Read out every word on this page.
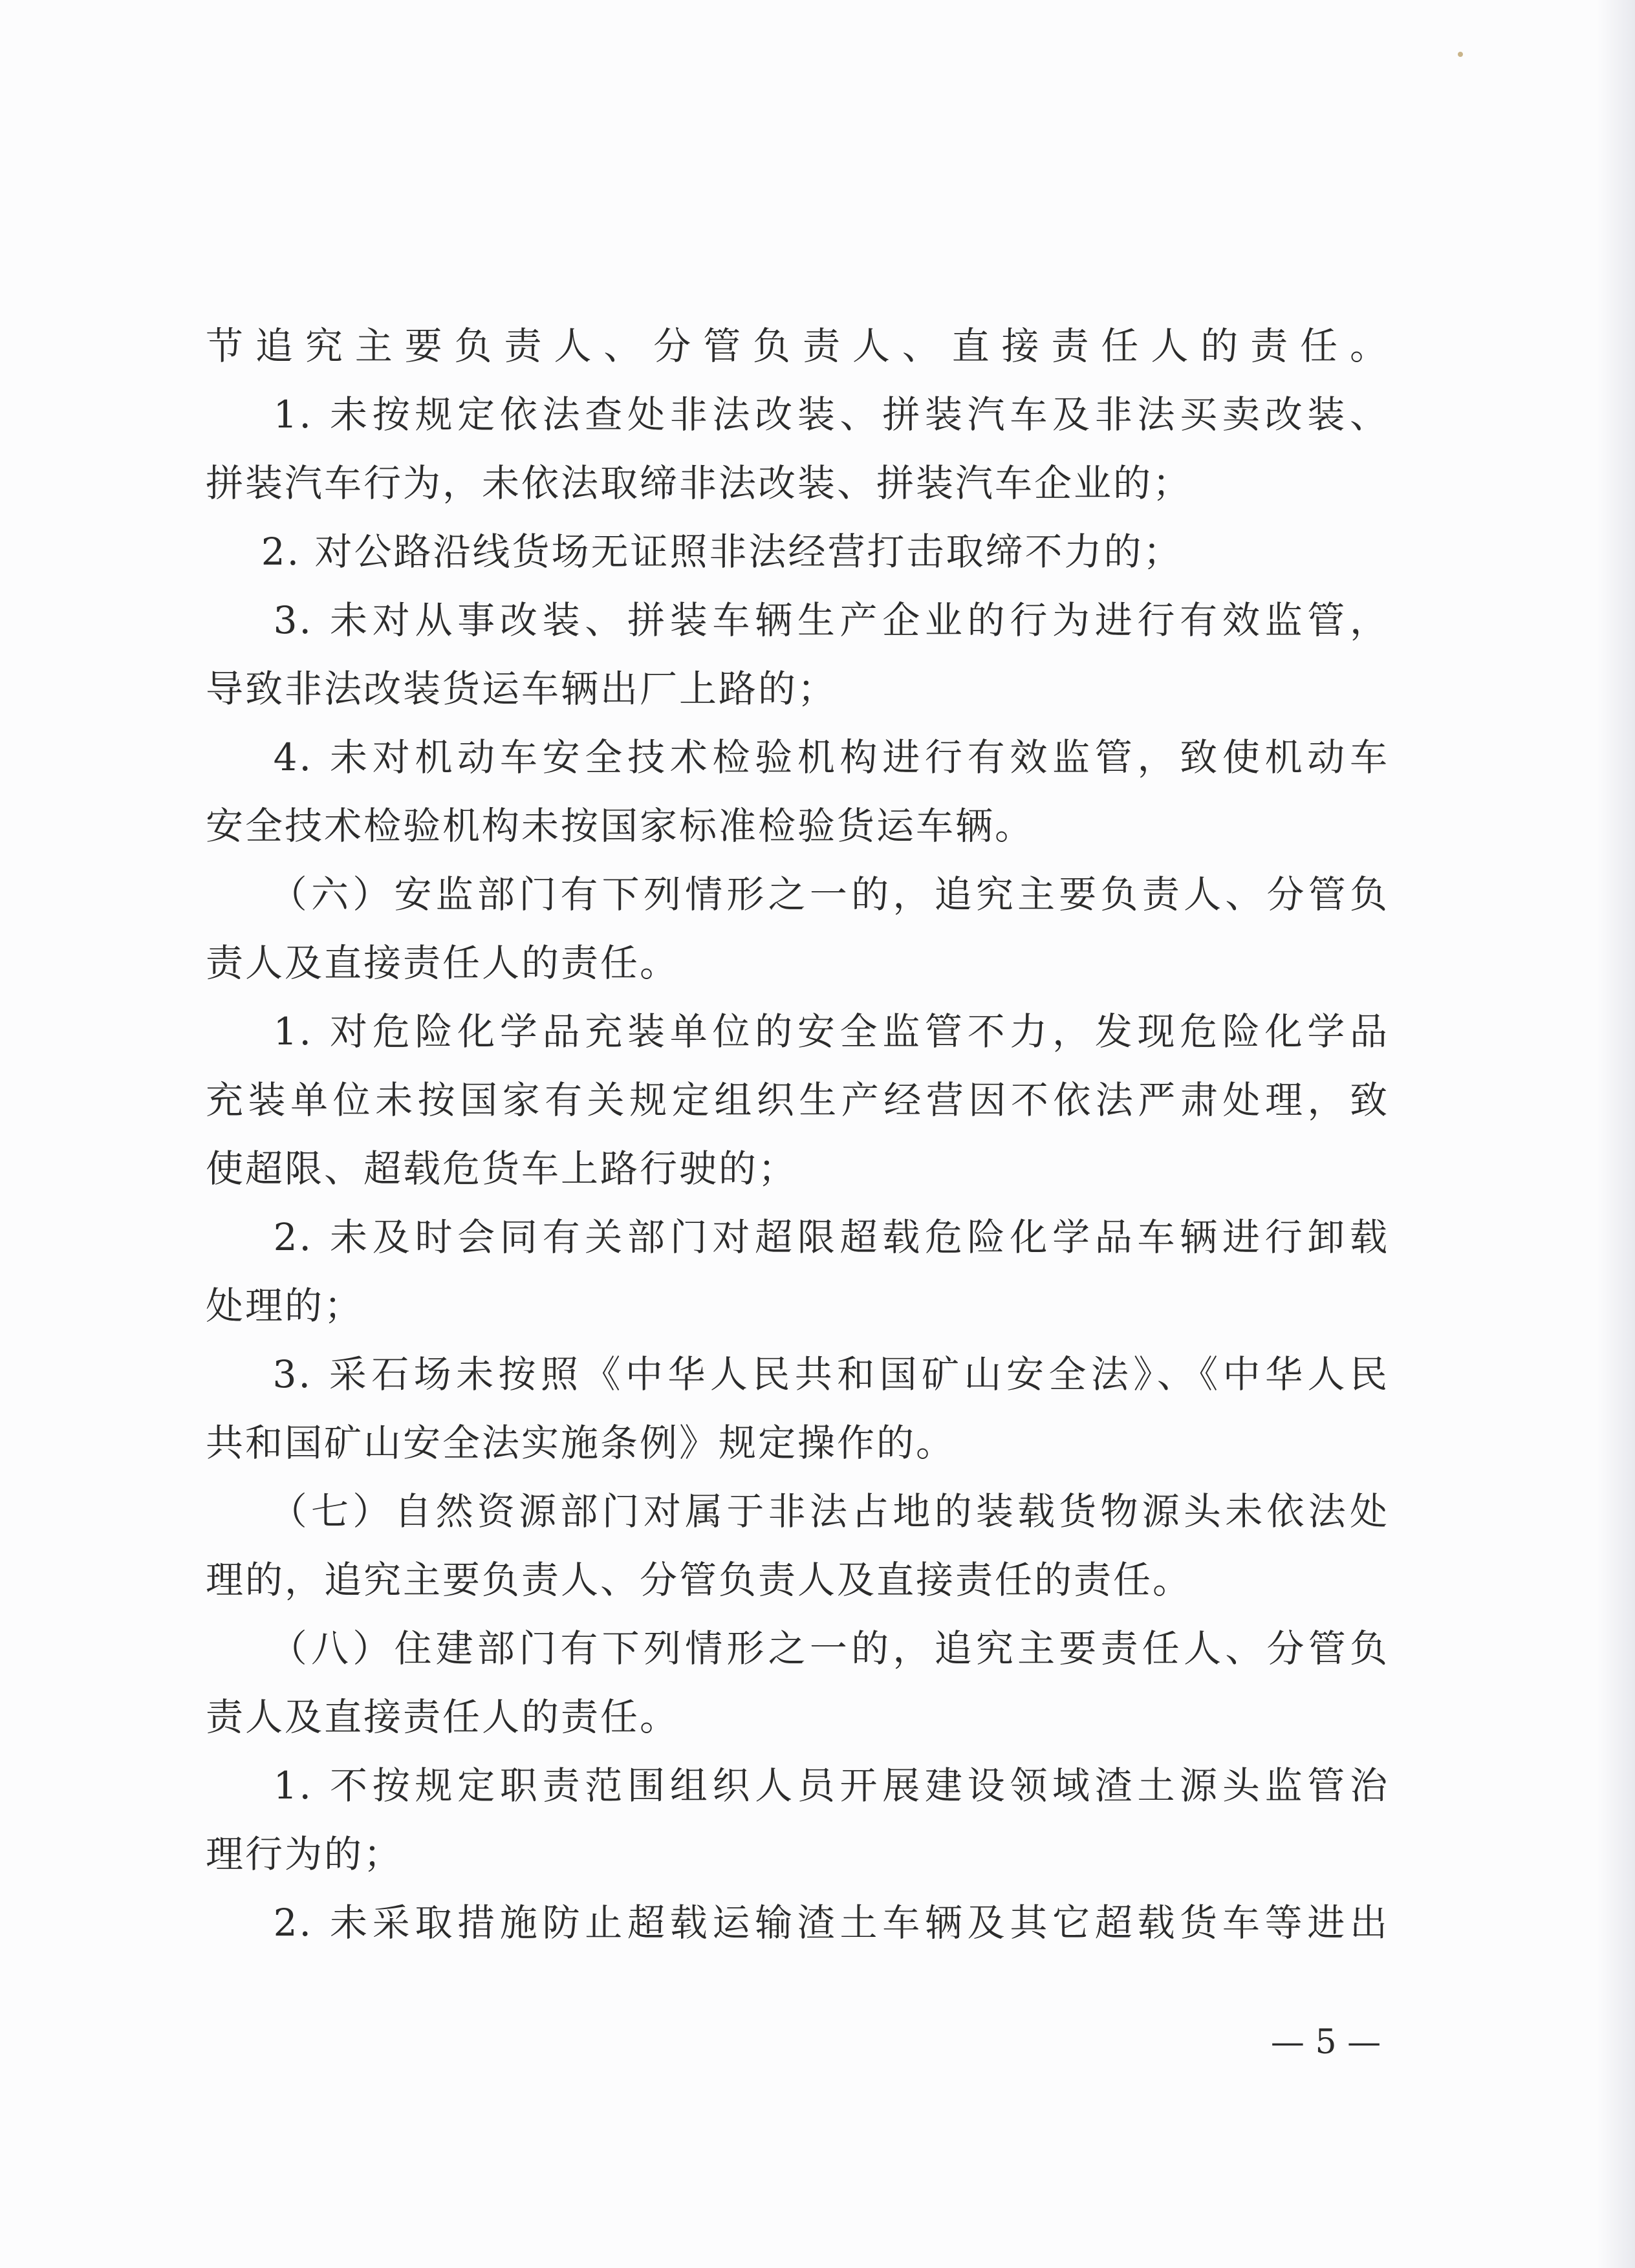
节追究主要负责人、分管负责人、直接责任人的责任。

1. 未按规定依法查处非法改装、拼装汽车及非法买卖改装、

拼装汽车行为，未依法取缔非法改装、拼装汽车企业的；

2. 对公路沿线货场无证照非法经营打击取缔不力的；

3. 未对从事改装、拼装车辆生产企业的行为进行有效监管，

导致非法改装货运车辆出厂上路的；

4. 未对机动车安全技术检验机构进行有效监管，致使机动车

安全技术检验机构未按国家标准检验货运车辆。

（六）安监部门有下列情形之一的，追究主要负责人、分管负

责人及直接责任人的责任。

1. 对危险化学品充装单位的安全监管不力，发现危险化学品

充装单位未按国家有关规定组织生产经营因不依法严肃处理，致

使超限、超载危货车上路行驶的；

2. 未及时会同有关部门对超限超载危险化学品车辆进行卸载

处理的；

3. 采石场未按照《中华人民共和国矿山安全法》、《中华人民

共和国矿山安全法实施条例》规定操作的。

（七）自然资源部门对属于非法占地的装载货物源头未依法处

理的，追究主要负责人、分管负责人及直接责任的责任。

（八）住建部门有下列情形之一的，追究主要责任人、分管负

责人及直接责任人的责任。

1. 不按规定职责范围组织人员开展建设领域渣土源头监管治

理行为的；

2. 未采取措施防止超载运输渣土车辆及其它超载货车等进出

— 5 —
